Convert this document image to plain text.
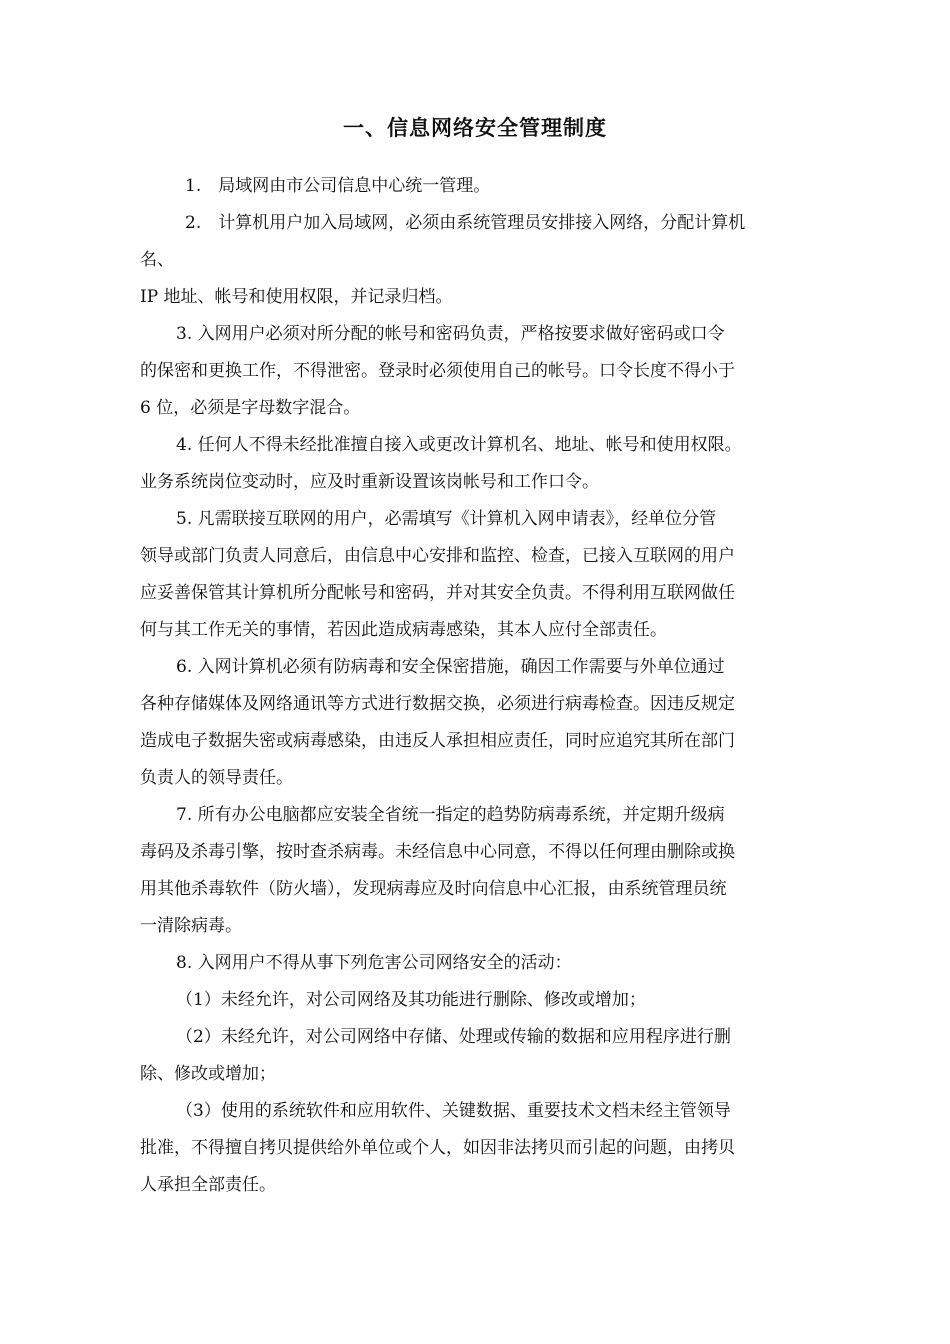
一、信息网络安全管理制度
1.　局域网由市公司信息中心统一管理。
2.　计算机用户加入局域网，必须由系统管理员安排接入网络，分配计算机
名、
IP 地址、帐号和使用权限，并记录归档。
3. 入网用户必须对所分配的帐号和密码负责，严格按要求做好密码或口令
的保密和更换工作，不得泄密。登录时必须使用自己的帐号。口令长度不得小于
6 位，必须是字母数字混合。
4. 任何人不得未经批准擅自接入或更改计算机名、地址、帐号和使用权限。
业务系统岗位变动时，应及时重新设置该岗帐号和工作口令。
5. 凡需联接互联网的用户，必需填写《计算机入网申请表》，经单位分管
领导或部门负责人同意后，由信息中心安排和监控、检查，已接入互联网的用户
应妥善保管其计算机所分配帐号和密码，并对其安全负责。不得利用互联网做任
何与其工作无关的事情，若因此造成病毒感染，其本人应付全部责任。
6. 入网计算机必须有防病毒和安全保密措施，确因工作需要与外单位通过
各种存储媒体及网络通讯等方式进行数据交换，必须进行病毒检查。因违反规定
造成电子数据失密或病毒感染，由违反人承担相应责任，同时应追究其所在部门
负责人的领导责任。
7. 所有办公电脑都应安装全省统一指定的趋势防病毒系统，并定期升级病
毒码及杀毒引擎，按时查杀病毒。未经信息中心同意，不得以任何理由删除或换
用其他杀毒软件（防火墙），发现病毒应及时向信息中心汇报，由系统管理员统
一清除病毒。
8. 入网用户不得从事下列危害公司网络安全的活动：
（1）未经允许，对公司网络及其功能进行删除、修改或增加；
（2）未经允许，对公司网络中存储、处理或传输的数据和应用程序进行删
除、修改或增加；
（3）使用的系统软件和应用软件、关键数据、重要技术文档未经主管领导
批准，不得擅自拷贝提供给外单位或个人，如因非法拷贝而引起的问题，由拷贝
人承担全部责任。
